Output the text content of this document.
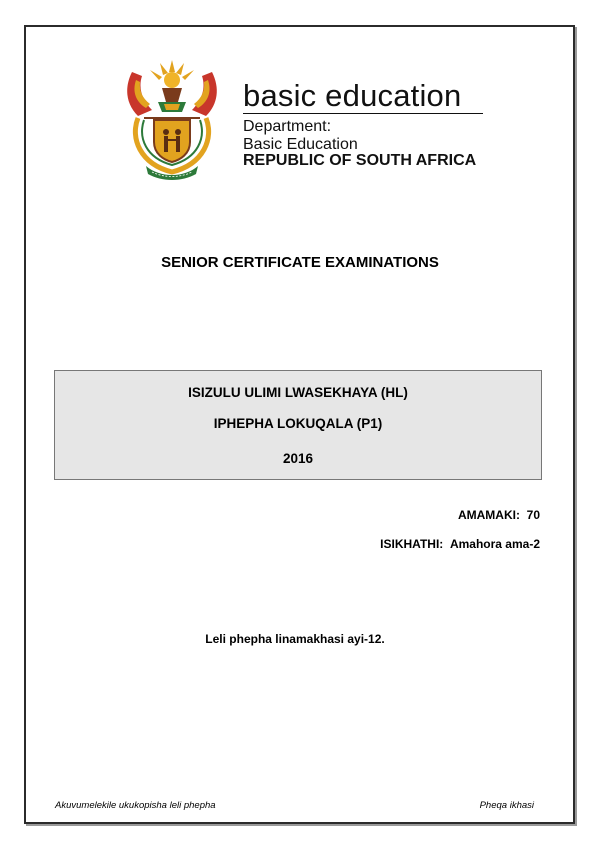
basic education
Department:
Basic Education
REPUBLIC OF SOUTH AFRICA
SENIOR CERTIFICATE EXAMINATIONS
ISIZULU ULIMI LWASEKHAYA (HL)
IPHEPHA LOKUQALA (P1)
2016
AMAMAKI: 70
ISIKHATHI: Amahora ama-2
Leli phepha linamakhasi ayi-12.
Akuvumelekile ukukopisha leli phepha	Pheqa ikhasi
